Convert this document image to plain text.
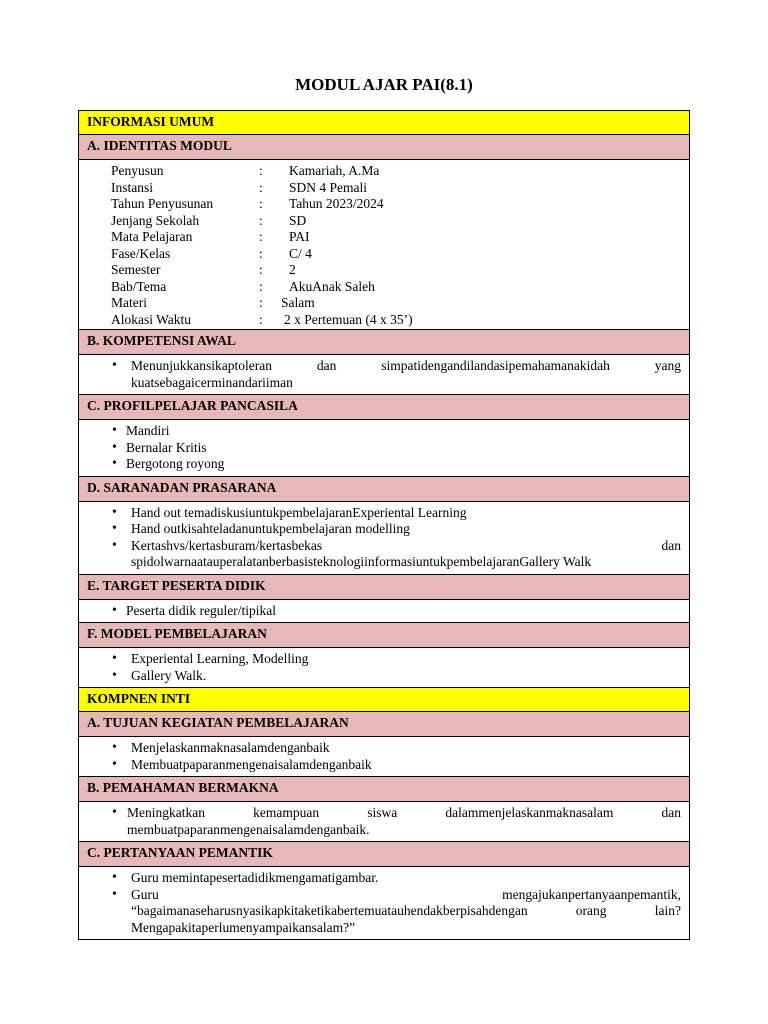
MODUL AJAR PAI(8.1)
INFORMASI UMUM
A. IDENTITAS MODUL
Penyusun	:	Kamariah, A.Ma
Instansi	:	SDN 4 Pemali
Tahun Penyusunan	:	Tahun 2023/2024
Jenjang Sekolah	:	SD
Mata Pelajaran	:	PAI
Fase/Kelas	:	C/ 4
Semester	:	2
Bab/Tema	:	AkuAnak Saleh
Materi	:	Salam
Alokasi Waktu	:	2 x Pertemuan (4 x 35’)
B. KOMPETENSI AWAL
• Menunjukkansikaptoleran dan simpatidengandilandasipemahamanakidah yang kuatsebagaicerminandariiman
C. PROFILPELAJAR PANCASILA
• Mandiri
• Bernalar Kritis
• Bergotong royong
D. SARANADAN PRASARANA
• Hand out temadiskusiuntukpembelajaranExperiental Learning
• Hand outkisahteladanuntukpembelajaran modelling
• Kertashvs/kertasburam/kertasbekas dan spidolwarnaatauperalatanberbasisteknologiinformasiuntukpembelajaranGallery Walk
E. TARGET PESERTA DIDIK
• Peserta didik reguler/tipikal
F. MODEL PEMBELAJARAN
• Experiental Learning, Modelling
• Gallery Walk.
KOMPNEN INTI
A. TUJUAN KEGIATAN PEMBELAJARAN
• Menjelaskanmaknasalamdenganbaik
• Membuatpaparanmengenaisalamdenganbaik
B. PEMAHAMAN BERMAKNA
• Meningkatkan kemampuan siswa dalammenjelaskanmaknasalam dan membuatpaparanmengenaisalamdenganbaik.
C. PERTANYAAN PEMANTIK
• Guru memintapesertadidikmengamatigambar.
• Guru mengajukanpertanyaanpemantik, “bagaimanaseharusnyasikapkitaketikabertemuatauhendakberpisahdengan orang lain? Mengapakitaperlumenyampaikansalam?”
